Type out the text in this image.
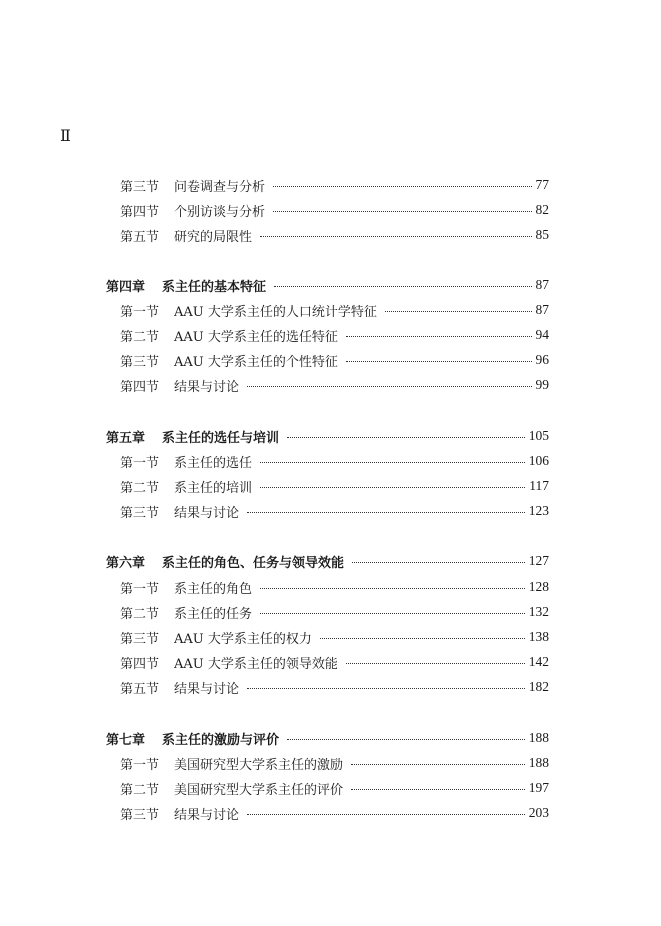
Ⅱ
第三节	问卷调查与分析	77
第四节	个别访谈与分析	82
第五节	研究的局限性	85
第四章	系主任的基本特征	87
第一节	AAU 大学系主任的人口统计学特征	87
第二节	AAU 大学系主任的选任特征	94
第三节	AAU 大学系主任的个性特征	96
第四节	结果与讨论	99
第五章	系主任的选任与培训	105
第一节	系主任的选任	106
第二节	系主任的培训	117
第三节	结果与讨论	123
第六章	系主任的角色、任务与领导效能	127
第一节	系主任的角色	128
第二节	系主任的任务	132
第三节	AAU 大学系主任的权力	138
第四节	AAU 大学系主任的领导效能	142
第五节	结果与讨论	182
第七章	系主任的激励与评价	188
第一节	美国研究型大学系主任的激励	188
第二节	美国研究型大学系主任的评价	197
第三节	结果与讨论	203
